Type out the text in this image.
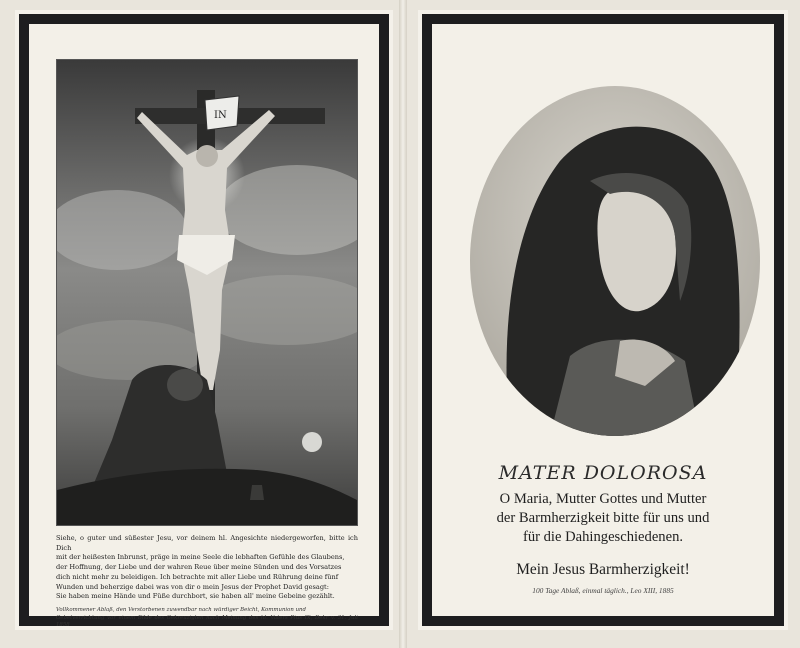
IN

Siehe, o guter und süßester Jesu, vor deinem hl. Angesichte niedergeworfen, bitte ich Dich

mit der heißesten Inbrunst, präge in meine Seele die lebhaften Gefühle des Glaubens,

der Hoffnung, der Liebe und der wahren Reue über meine Sünden und des Vorsatzes

dich nicht mehr zu beleidigen. Ich betrachte mit aller Liebe und Rührung deine fünf

Wunden und beherzige dabei was von dir o mein Jesus der Prophet David gesagt:

Sie haben meine Hände und Füße durchbort, sie haben all' meine Gebeine gezählt.

Vollkommener Ablaß, den Verstorbenen zuwendbar nach würdiger Beicht, Kommunion und
Gebetverrichtung vor einem Bilde des Gekreuzigten nach Meinung des hl. Vaters Pius IX, Dekr v. 31. Juli 1858
MATER DOLOROSA
O Maria, Mutter Gottes und Mutter
der Barmherzigkeit bitte für uns und
für die Dahingeschiedenen.
Mein Jesus Barmherzigkeit!
100 Tage Ablaß, einmal täglich., Leo XIII, 1885
